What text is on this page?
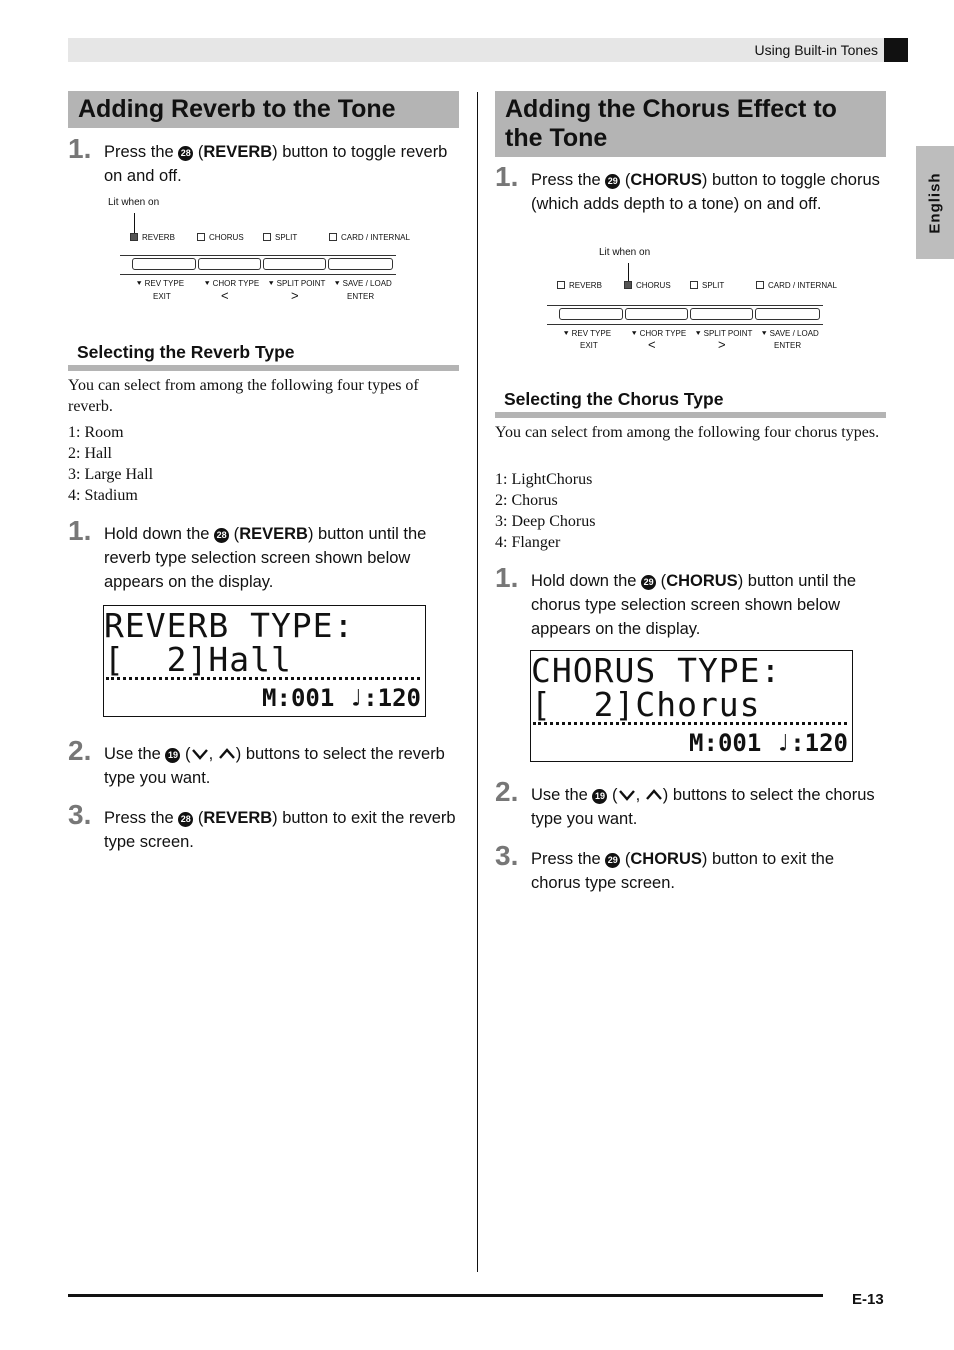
Using Built-in Tones
English
Adding Reverb to the Tone
1. Press the 28 (REVERB) button to toggle reverb on and off.
Lit when on
REVERB	CHORUS	SPLIT	CARD / INTERNAL
⯆ REV TYPE ⯆ CHOR TYPE ⯆ SPLIT POINT ⯆ SAVE / LOAD
EXIT	<	>	ENTER
Selecting the Reverb Type
You can select from among the following four types of reverb.
1: Room
2: Hall
3: Large Hall
4: Stadium
1. Hold down the 28 (REVERB) button until the reverb type selection screen shown below appears on the display.
REVERB TYPE:
[  2]Hall
M:001 ♩:120
2. Use the 19 ( , ) buttons to select the reverb type you want.
3. Press the 28 (REVERB) button to exit the reverb type screen.
Adding the Chorus Effect to the Tone
1. Press the 29 (CHORUS) button to toggle chorus (which adds depth to a tone) on and off.
Lit when on
REVERB	CHORUS	SPLIT	CARD / INTERNAL
⯆ REV TYPE ⯆ CHOR TYPE ⯆ SPLIT POINT ⯆ SAVE / LOAD
EXIT	<	>	ENTER
Selecting the Chorus Type
You can select from among the following four chorus types.
1: LightChorus
2: Chorus
3: Deep Chorus
4: Flanger
1. Hold down the 29 (CHORUS) button until the chorus type selection screen shown below appears on the display.
CHORUS TYPE:
[  2]Chorus
M:001 ♩:120
2. Use the 19 ( , ) buttons to select the chorus type you want.
3. Press the 29 (CHORUS) button to exit the chorus type screen.
E-13
